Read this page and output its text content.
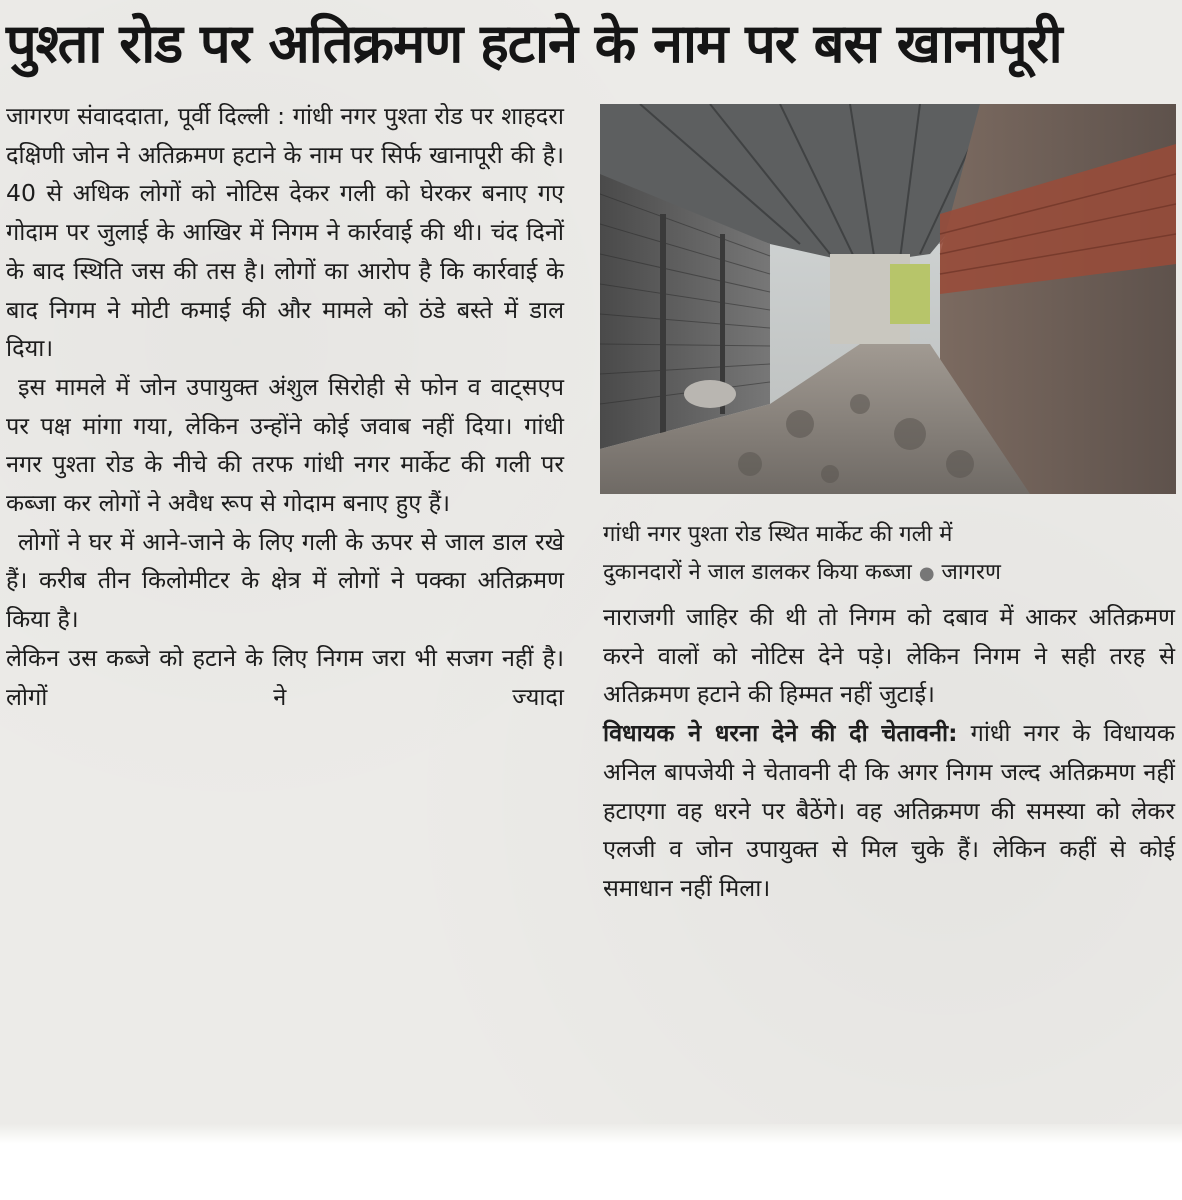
पुश्ता रोड पर अतिक्रमण हटाने के नाम पर बस खानापूरी

जागरण संवाददाता, पूर्वी दिल्ली : गांधी नगर पुश्ता रोड पर शाहदरा दक्षिणी जोन ने अतिक्रमण हटाने के नाम पर सिर्फ खानापूरी की है। 40 से अधिक लोगों को नोटिस देकर गली को घेरकर बनाए गए गोदाम पर जुलाई के आखिर में निगम ने कार्रवाई की थी। चंद दिनों के बाद स्थिति जस की तस है। लोगों का आरोप है कि कार्रवाई के बाद निगम ने मोटी कमाई की और मामले को ठंडे बस्ते में डाल दिया।

इस मामले में जोन उपायुक्त अंशुल सिरोही से फोन व वाट्सएप पर पक्ष मांगा गया, लेकिन उन्होंने कोई जवाब नहीं दिया। गांधी नगर पुश्ता रोड के नीचे की तरफ गांधी नगर मार्केट की गली पर कब्जा कर लोगों ने अवैध रूप से गोदाम बनाए हुए हैं।

लोगों ने घर में आने-जाने के लिए गली के ऊपर से जाल डाल रखे हैं। करीब तीन किलोमीटर के क्षेत्र में लोगों ने पक्का अतिक्रमण किया है।

लेकिन उस कब्जे को हटाने के लिए निगम जरा भी सजग नहीं है। लोगों ने ज्यादा

गांधी नगर पुश्ता रोड स्थित मार्केट की गली में
दुकानदारों ने जाल डालकर किया कब्जा ● जागरण

नाराजगी जाहिर की थी तो निगम को दबाव में आकर अतिक्रमण करने वालों को नोटिस देने पड़े। लेकिन निगम ने सही तरह से अतिक्रमण हटाने की हिम्मत नहीं जुटाई।

विधायक ने धरना देने की दी चेतावनी: गांधी नगर के विधायक अनिल बापजेयी ने चेतावनी दी कि अगर निगम जल्द अतिक्रमण नहीं हटाएगा वह धरने पर बैठेंगे। वह अतिक्रमण की समस्या को लेकर एलजी व जोन उपायुक्त से मिल चुके हैं। लेकिन कहीं से कोई समाधान नहीं मिला।
